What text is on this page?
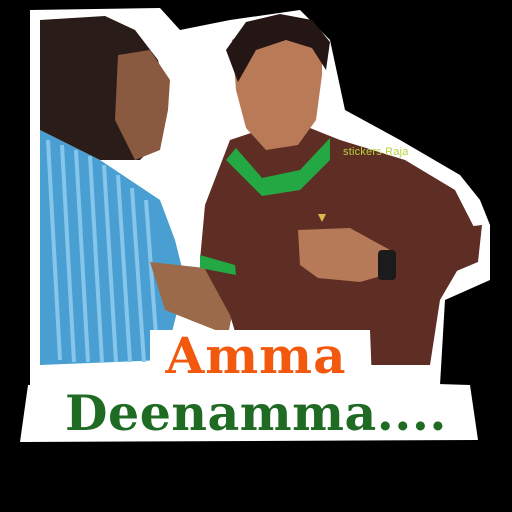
stickers Raja
Amma
Deenamma....
